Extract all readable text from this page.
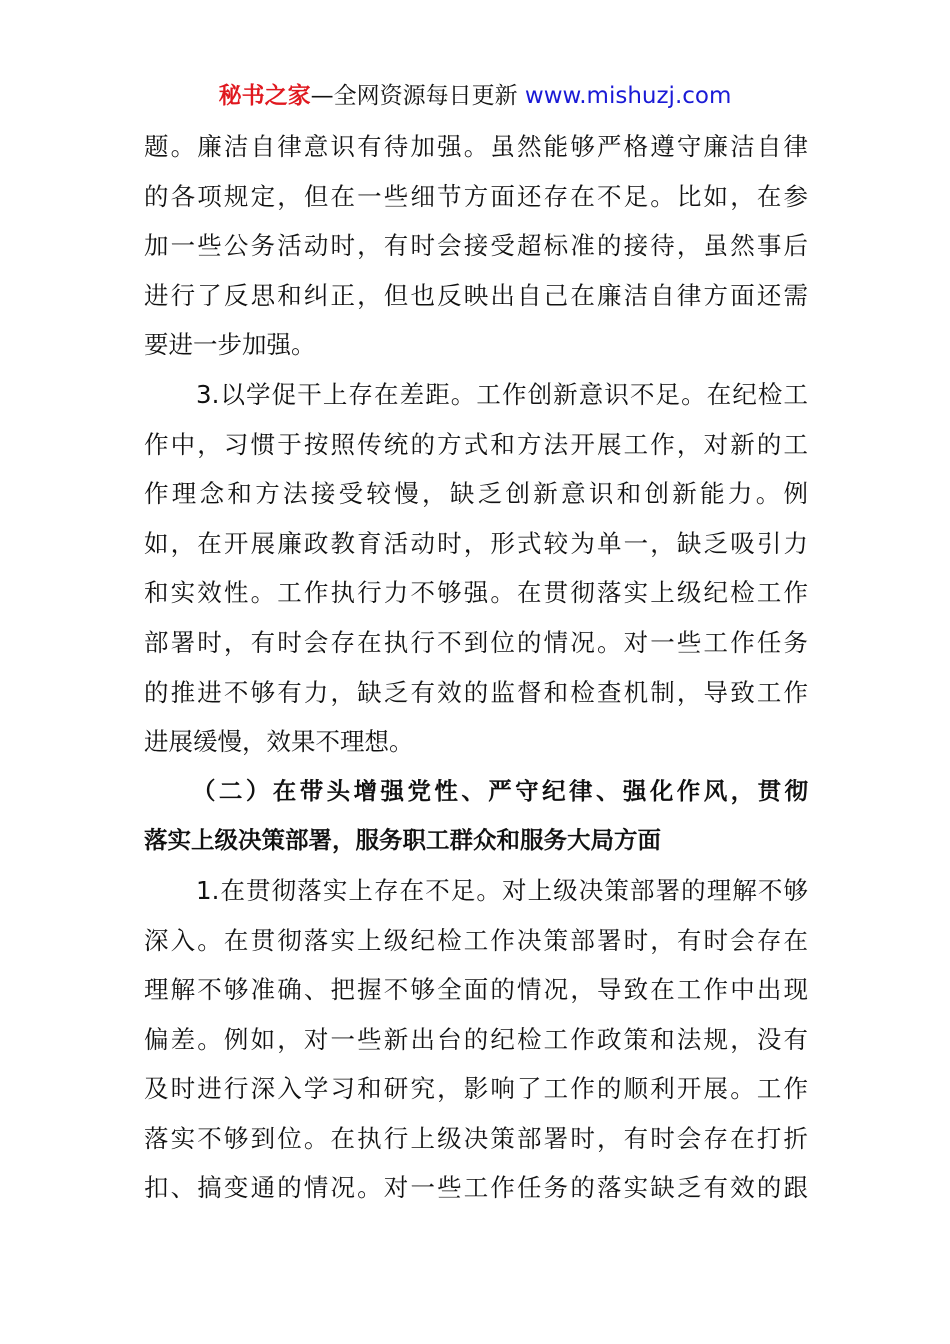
秘书之家—全网资源每日更新 www.mishuzj.com
题。廉洁自律意识有待加强。虽然能够严格遵守廉洁自律
的各项规定，但在一些细节方面还存在不足。比如，在参
加一些公务活动时，有时会接受超标准的接待，虽然事后
进行了反思和纠正，但也反映出自己在廉洁自律方面还需
要进一步加强。
3.以学促干上存在差距。工作创新意识不足。在纪检工
作中，习惯于按照传统的方式和方法开展工作，对新的工
作理念和方法接受较慢，缺乏创新意识和创新能力。例
如，在开展廉政教育活动时，形式较为单一，缺乏吸引力
和实效性。工作执行力不够强。在贯彻落实上级纪检工作
部署时，有时会存在执行不到位的情况。对一些工作任务
的推进不够有力，缺乏有效的监督和检查机制，导致工作
进展缓慢，效果不理想。
（二）在带头增强党性、严守纪律、强化作风，贯彻
落实上级决策部署，服务职工群众和服务大局方面
1.在贯彻落实上存在不足。对上级决策部署的理解不够
深入。在贯彻落实上级纪检工作决策部署时，有时会存在
理解不够准确、把握不够全面的情况，导致在工作中出现
偏差。例如，对一些新出台的纪检工作政策和法规，没有
及时进行深入学习和研究，影响了工作的顺利开展。工作
落实不够到位。在执行上级决策部署时，有时会存在打折
扣、搞变通的情况。对一些工作任务的落实缺乏有效的跟
